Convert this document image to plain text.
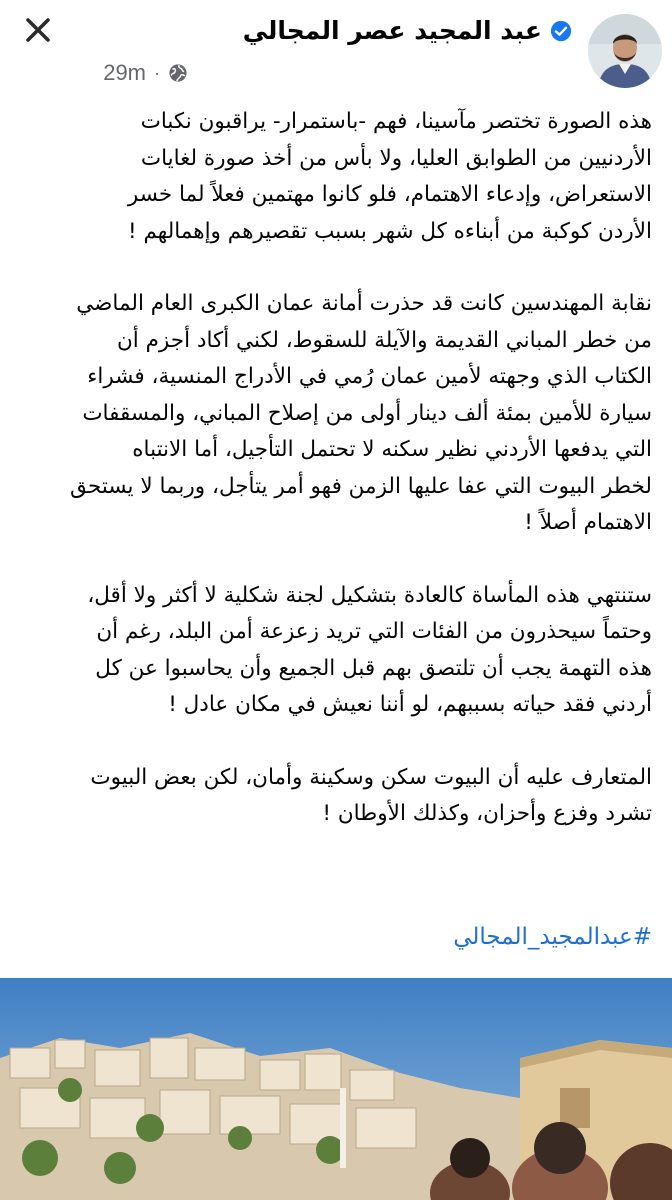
عبد المجيد عصر المجالي
29m ·

هذه الصورة تختصر مآسينا، فهم -باستمرار- يراقبون نكبات
الأردنيين من الطوابق العليا، ولا بأس من أخذ صورة لغايات
الاستعراض، وإدعاء الاهتمام، فلو كانوا مهتمين فعلاً لما خسر
الأردن كوكبة من أبناءه كل شهر بسبب تقصيرهم وإهمالهم !

نقابة المهندسين كانت قد حذرت أمانة عمان الكبرى العام الماضي
من خطر المباني القديمة والآيلة للسقوط، لكني أكاد أجزم أن
الكتاب الذي وجهته لأمين عمان رُمي في الأدراج المنسية، فشراء
سيارة للأمين بمئة ألف دينار أولى من إصلاح المباني، والمسقفات
التي يدفعها الأردني نظير سكنه لا تحتمل التأجيل، أما الانتباه
لخطر البيوت التي عفا عليها الزمن فهو أمر يتأجل، وربما لا يستحق
الاهتمام أصلاً !

ستنتهي هذه المأساة كالعادة بتشكيل لجنة شكلية لا أكثر ولا أقل،
وحتماً سيحذرون من الفئات التي تريد زعزعة أمن البلد، رغم أن
هذه التهمة يجب أن تلتصق بهم قبل الجميع وأن يحاسبوا عن كل
أردني فقد حياته بسببهم، لو أننا نعيش في مكان عادل !

المتعارف عليه أن البيوت سكن وسكينة وأمان، لكن بعض البيوت
تشرد وفزع وأحزان، وكذلك الأوطان !

#عبدالمجيد_المجالي
